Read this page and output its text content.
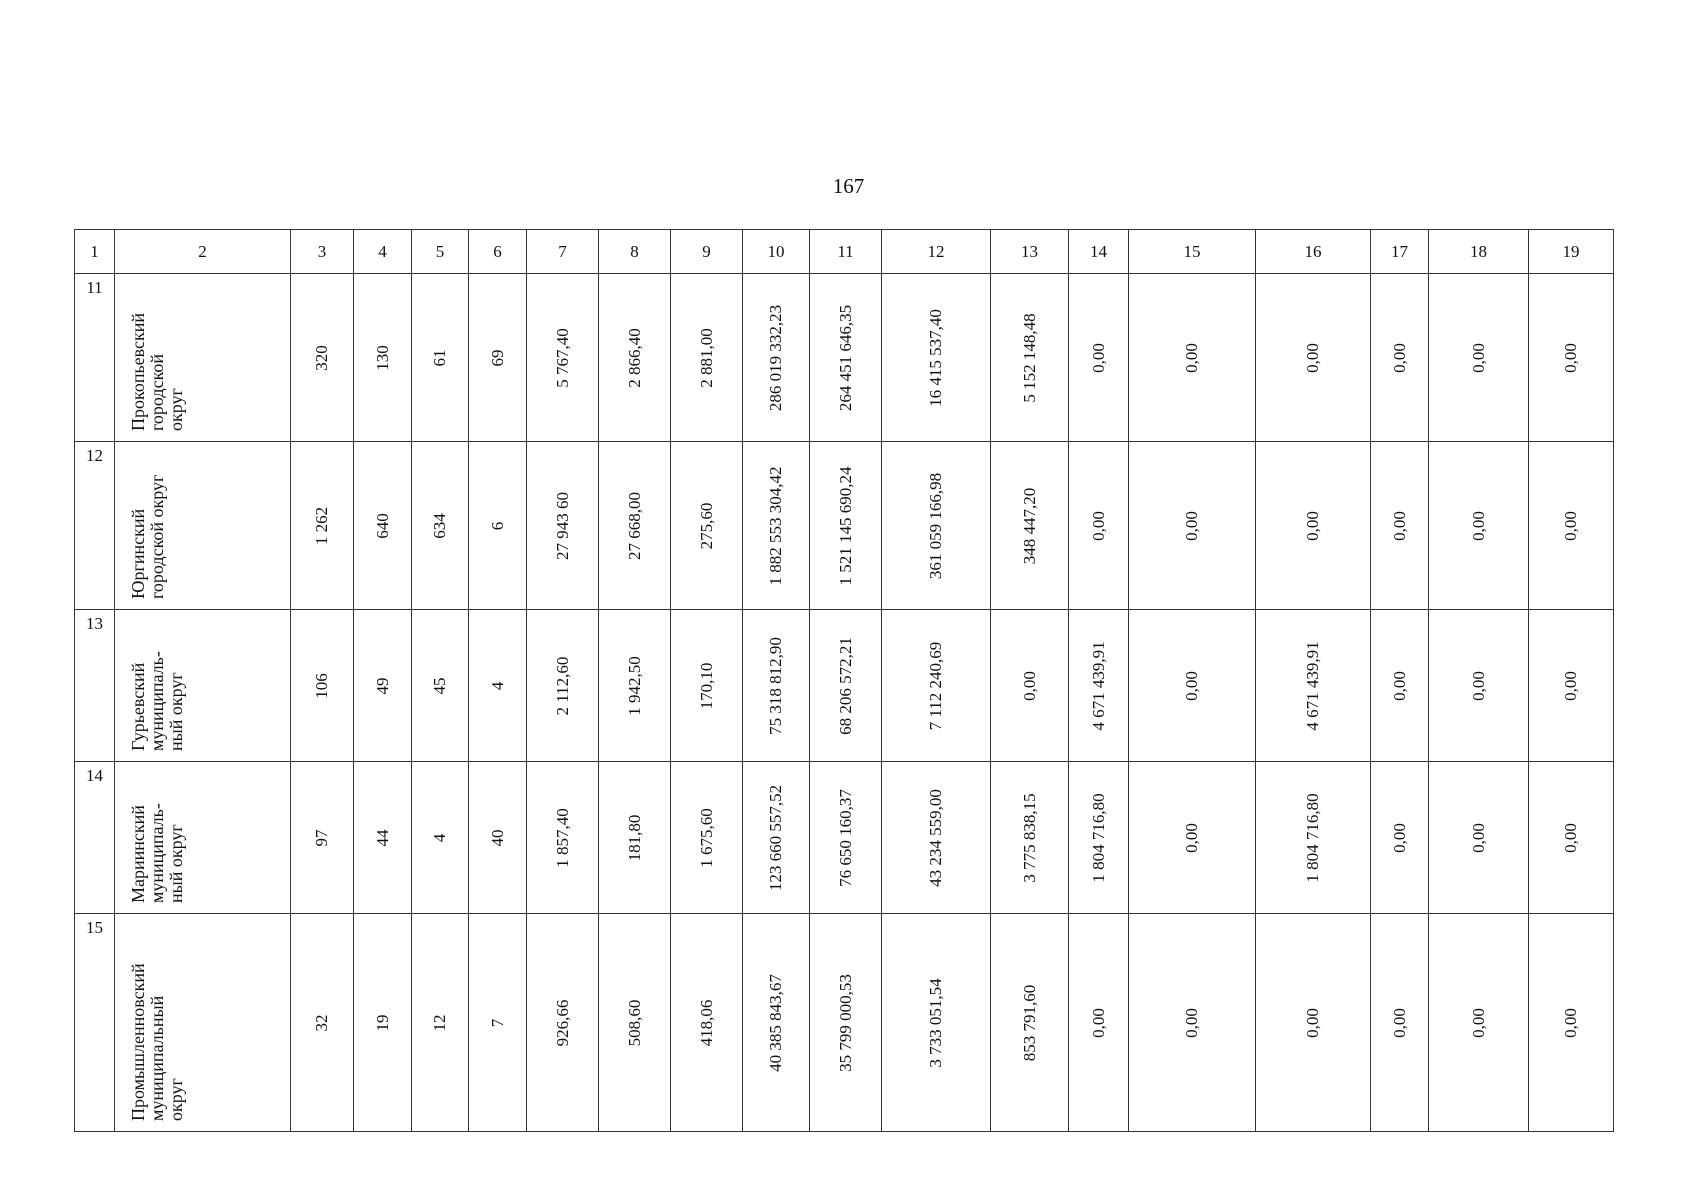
167
1	2	3	4	5	6	7	8	9	10	11	12	13	14	15	16	17	18	19

11	Прокопьевский городской округ	320	130	61	69	5 767,40	2 866,40	2 881,00	286 019 332,23	264 451 646,35	16 415 537,40	5 152 148,48	0,00	0,00	0,00	0,00	0,00	0,00

12	Юргинский городской округ	1 262	640	634	6	27 943 60	27 668,00	275,60	1 882 553 304,42	1 521 145 690,24	361 059 166,98	348 447,20	0,00	0,00	0,00	0,00	0,00	0,00

13	Гурьевский муниципаль- ный округ	106	49	45	4	2 112,60	1 942,50	170,10	75 318 812,90	68 206 572,21	7 112 240,69	0,00	4 671 439,91	0,00	4 671 439,91	0,00	0,00	0,00

14	Мариинский муниципаль- ный округ	97	44	4	40	1 857,40	181,80	1 675,60	123 660 557,52	76 650 160,37	43 234 559,00	3 775 838,15	1 804 716,80	0,00	1 804 716,80	0,00	0,00	0,00

15	Промышленновский муниципальный округ	32	19	12	7	926,66	508,60	418,06	40 385 843,67	35 799 000,53	3 733 051,54	853 791,60	0,00	0,00	0,00	0,00	0,00	0,00
